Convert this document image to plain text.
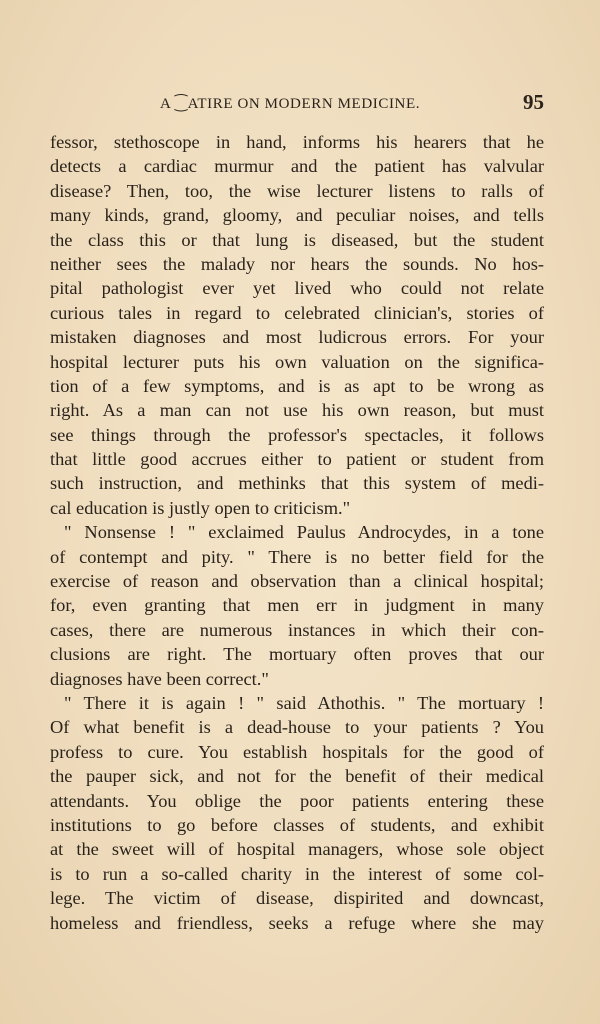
A ⁐ATIRE ON MODERN MEDICINE.	95
fessor, stethoscope in hand, informs his hearers that he
detects a cardiac murmur and the patient has valvular
disease? Then, too, the wise lecturer listens to ralls of
many kinds, grand, gloomy, and peculiar noises, and tells
the class this or that lung is diseased, but the student
neither sees the malady nor hears the sounds. No hos-
pital pathologist ever yet lived who could not relate
curious tales in regard to celebrated clinician's, stories of
mistaken diagnoses and most ludicrous errors. For your
hospital lecturer puts his own valuation on the significa-
tion of a few symptoms, and is as apt to be wrong as
right. As a man can not use his own reason, but must
see things through the professor's spectacles, it follows
that little good accrues either to patient or student from
such instruction, and methinks that this system of medi-
cal education is justly open to criticism."
" Nonsense ! " exclaimed Paulus Androcydes, in a tone
of contempt and pity. " There is no better field for the
exercise of reason and observation than a clinical hospital;
for, even granting that men err in judgment in many
cases, there are numerous instances in which their con-
clusions are right. The mortuary often proves that our
diagnoses have been correct."
" There it is again ! " said Athothis. " The mortuary !
Of what benefit is a dead-house to your patients ? You
profess to cure. You establish hospitals for the good of
the pauper sick, and not for the benefit of their medical
attendants. You oblige the poor patients entering these
institutions to go before classes of students, and exhibit
at the sweet will of hospital managers, whose sole object
is to run a so-called charity in the interest of some col-
lege. The victim of disease, dispirited and downcast,
homeless and friendless, seeks a refuge where she may
